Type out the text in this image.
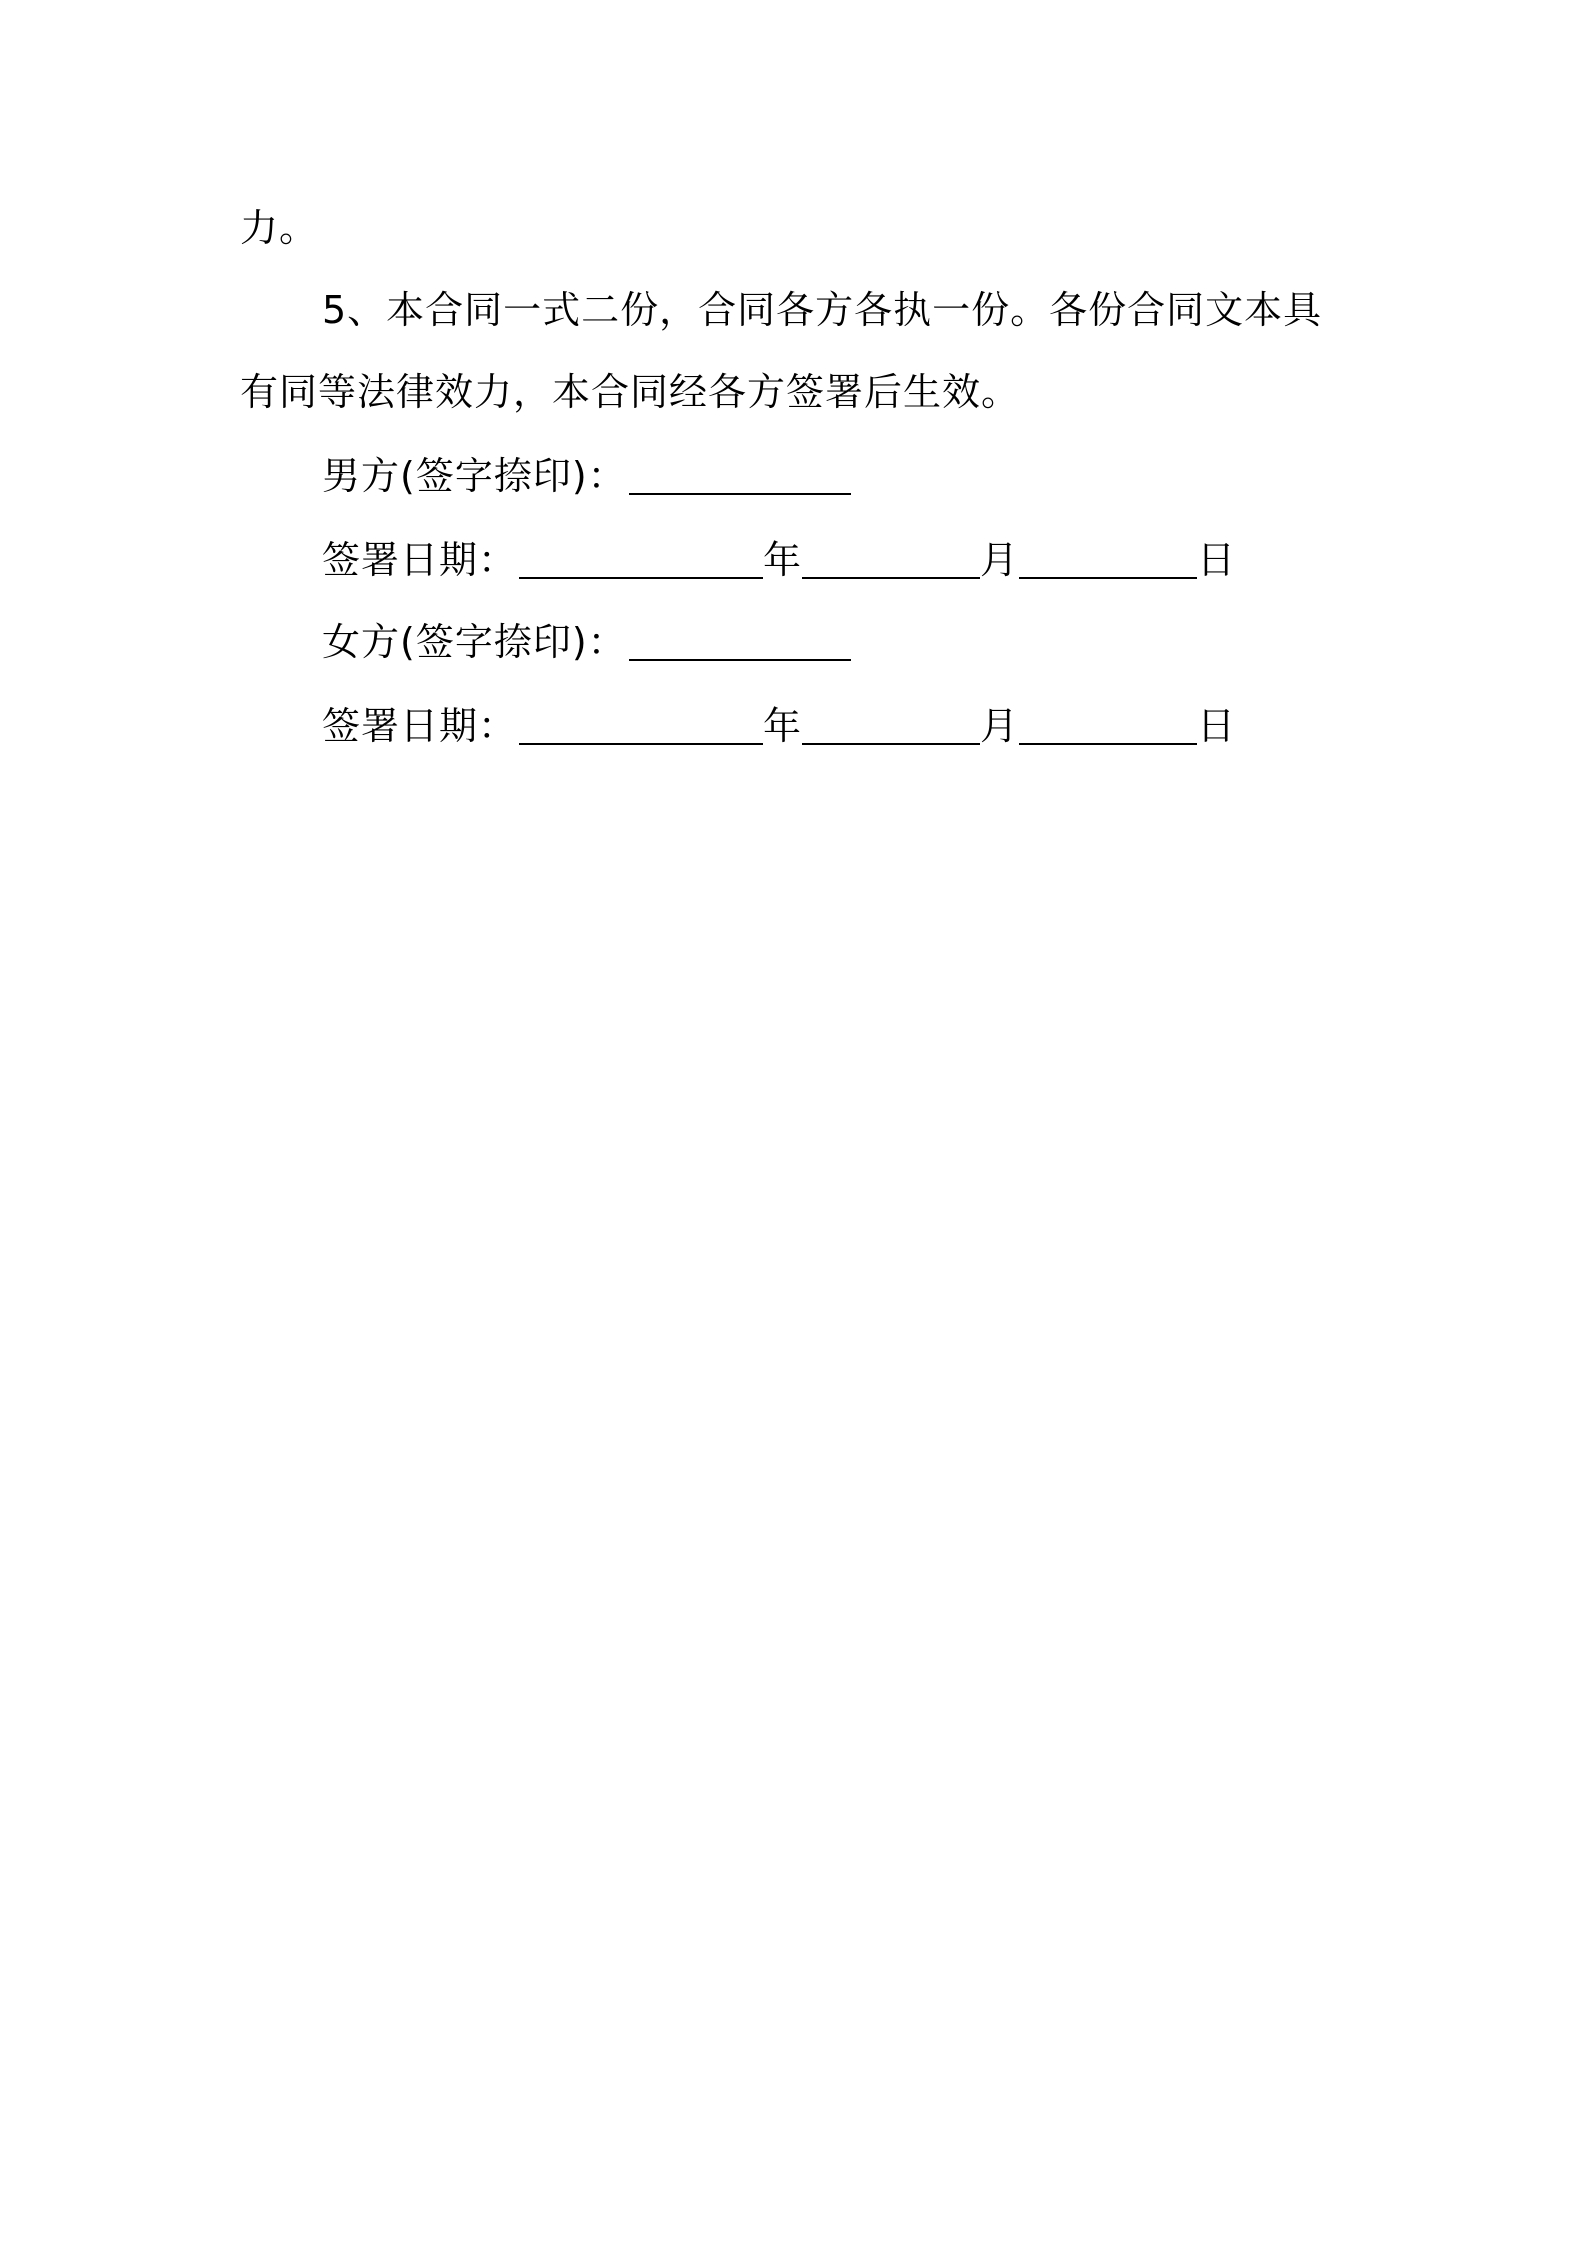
力。
5、本合同一式二份，合同各方各执一份。各份合同文本具
有同等法律效力，本合同经各方签署后生效。
男方(签字捺印)：
签署日期：	年	月	日
女方(签字捺印)：
签署日期：	年	月	日
